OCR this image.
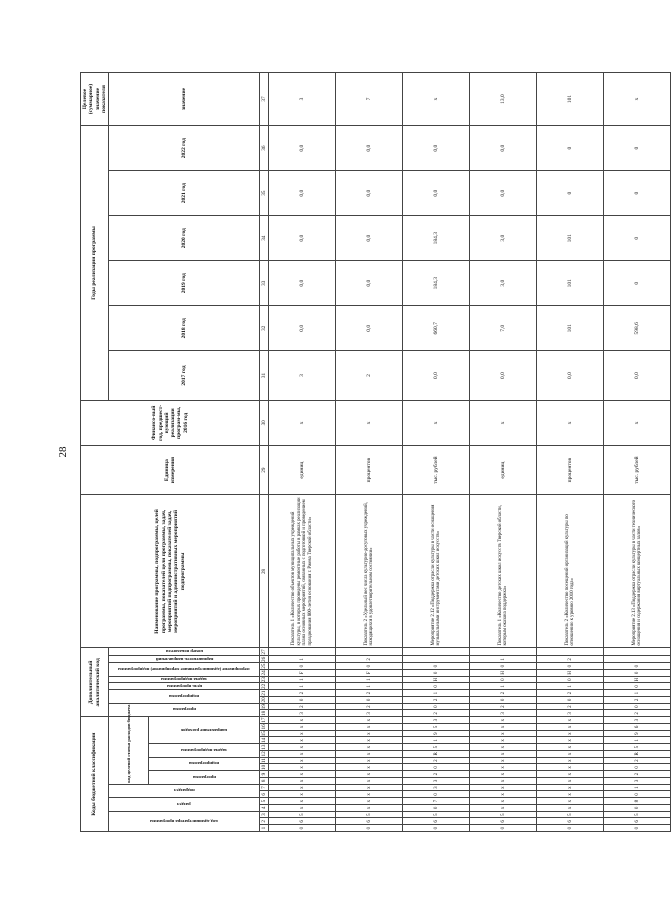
28
Коды бюджетной классификации																	Дополнительный аналитический код										Наименование программы, подпрограммы, целей программы, показателей цели программы, задач, мероприятий подпрограммы, показателей задач, мероприятий и административных мероприятий подпрограммы	Единица измерения	Финансо-вый год, предшест-вующий реализации програм-мы, 2016 год	Годы реализации программы						Целевое (суммарное) значение показателя

код администратора программы			раздел		подраздел		код целевой статьи расходов бюджета										программа		подпрограмма		цель программы	задача подпрограммы	мероприятие (административное мероприятие) подпрограммы		вариантность направлений	номер показателя				2017 год	2018 год	2019 год	2020 год	2021 год	2022 год	значение

							программа		подпрограмма		задача подпрограммы		направление расходов																							

1	2	3	4	5	6	7	8	9	10	11	12	13	14	15	16	17	18	19	20	21	22	23	24	25	26	27	28	29	30	31	32	33	34	35	36	37
0	6	5	х	х	х	х	х	х	х	х	х	х	х	х	х	х	3	2	0	2	1	1	F	0	1		Показатель 1 «Количество объектов муниципальных учреждений культуры, в которых проведены ремонтные работы в рамках реализации плана основных мероприятий, связанных с подготовкой и проведением празднования 800-летия основания г. Ржева Тверской области»	единиц	х	3	0,0	0,0	0,0	0,0	0,0	3
0	6	5	х	х	х	х	х	х	х	х	х	х	х	х	х	х	3	2	0	2	1	1	F	0	2		Показатель 2 «Удельный вес числа культурно-досуговых учреждений, находящихся в удовлетворительном состоянии»	процентов	х	2	0,0	0,0	0,0	0,0	0,0	7
0	6	5	0	7	0	3	3	2	0	2	R	5	1	9	5	3	2	0	2	1	0	Н	0	0			Мероприятие 2.12 «Поддержка отрасли культуры в части оснащения музыкальными инструментами детских школ искусств»	тыс. рублей	х	0,0	660,7	184,3	184,3	0,0	0,0	х
0	6	5	х	х	х	х	х	х	х	х	х	х	х	х	х	х	3	2	0	2	1	0	Н	0	1		Показатель 1 «Количество детских школ искусств Тверской области, которым оказана поддержка»	единиц	х	0,0	7,0	3,0	3,0	0,0	0,0	13,0
0	6	5	х	х	х	х	х	х	х	х	х	х	х	х	х	х	3	2	0	2	1	0	Н	0	2		Показатель 2 «Количество посещений организаций культуры по отношению к уровню 2010 года»	процентов	х	0,0	101	101	101	0	0	101
0	6	5	0	8	0	1	3	2	0	2	R	5	1	9	6	3	2	0	2	1	0	Н	0	0			Мероприятие 2.13 «Поддержка отрасли культуры в части технического оснащения и содержания виртуальных концертных залов»	тыс. рублей	х	0,0	598,6	0	0	0	0	х
